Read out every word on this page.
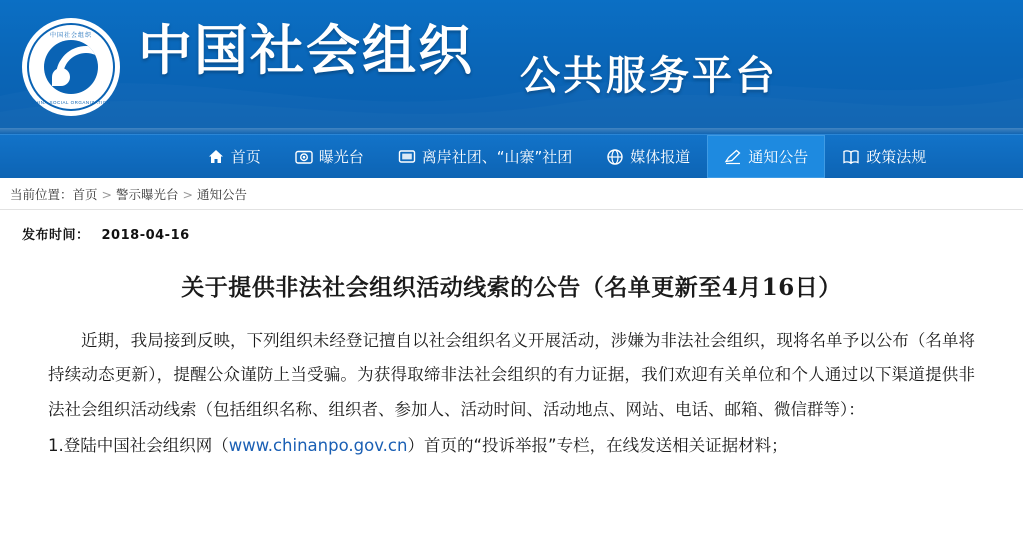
中国社会组织
CHINA SOCIAL ORGANIZATION
中国社会组织 公共服务平台
首页	曝光台	离岸社团、“山寨”社团	媒体报道	通知公告	政策法规
当前位置：首页 > 警示曝光台 > 通知公告
发布时间： 2018-04-16
关于提供非法社会组织活动线索的公告（名单更新至4月16日）

近期，我局接到反映，下列组织未经登记擅自以社会组织名义开展活动，涉嫌为非法社会组织，现将名单予以公布（名单将持续动态更新），提醒公众谨防上当受骗。为获得取缔非法社会组织的有力证据，我们欢迎有关单位和个人通过以下渠道提供非法社会组织活动线索（包括组织名称、组织者、参加人、活动时间、活动地点、网站、电话、邮箱、微信群等）：

1.登陆中国社会组织网（www.chinanpo.gov.cn）首页的“投诉举报”专栏，在线发送相关证据材料；
